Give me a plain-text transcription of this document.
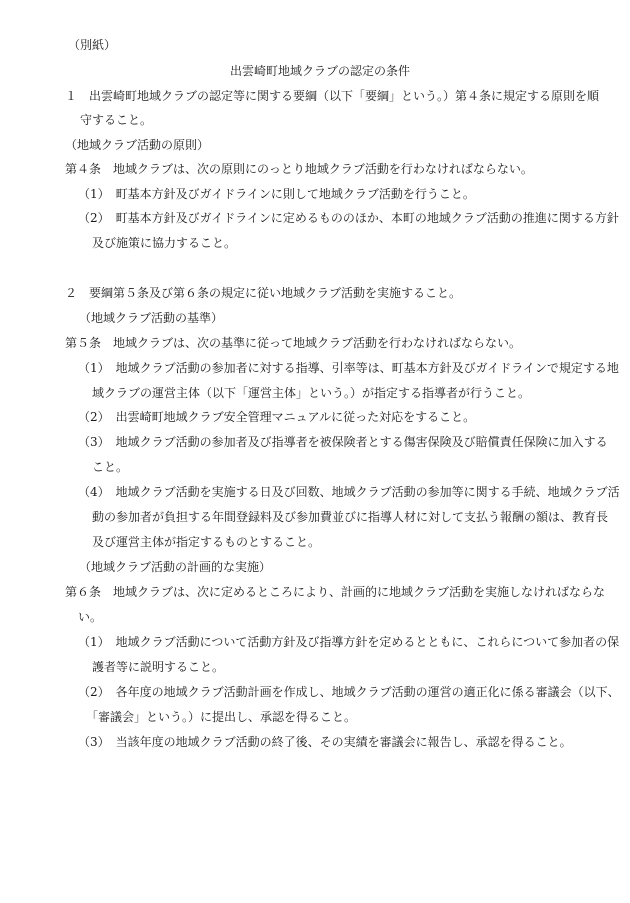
（別紙）
出雲崎町地域クラブの認定の条件
１　出雲崎町地域クラブの認定等に関する要綱（以下「要綱」という。）第４条に規定する原則を順
守すること。
（地域クラブ活動の原則）
第４条　地域クラブは、次の原則にのっとり地域クラブ活動を行わなければならない。
（1）　町基本方針及びガイドラインに則して地域クラブ活動を行うこと。
（2）　町基本方針及びガイドラインに定めるもののほか、本町の地域クラブ活動の推進に関する方針
及び施策に協力すること。
２　要綱第５条及び第６条の規定に従い地域クラブ活動を実施すること。
（地域クラブ活動の基準）
第５条　地域クラブは、次の基準に従って地域クラブ活動を行わなければならない。
（1）　地域クラブ活動の参加者に対する指導、引率等は、町基本方針及びガイドラインで規定する地
域クラブの運営主体（以下「運営主体」という。）が指定する指導者が行うこと。
（2）　出雲崎町地域クラブ安全管理マニュアルに従った対応をすること。
（3）　地域クラブ活動の参加者及び指導者を被保険者とする傷害保険及び賠償責任保険に加入する
こと。
（4）　地域クラブ活動を実施する日及び回数、地域クラブ活動の参加等に関する手続、地域クラブ活
動の参加者が負担する年間登録料及び参加費並びに指導人材に対して支払う報酬の額は、教育長
及び運営主体が指定するものとすること。
（地域クラブ活動の計画的な実施）
第６条　地域クラブは、次に定めるところにより、計画的に地域クラブ活動を実施しなければならな
い。
（1）　地域クラブ活動について活動方針及び指導方針を定めるとともに、これらについて参加者の保
護者等に説明すること。
（2）　各年度の地域クラブ活動計画を作成し、地域クラブ活動の運営の適正化に係る審議会（以下、
「審議会」という。）に提出し、承認を得ること。
（3）　当該年度の地域クラブ活動の終了後、その実績を審議会に報告し、承認を得ること。
